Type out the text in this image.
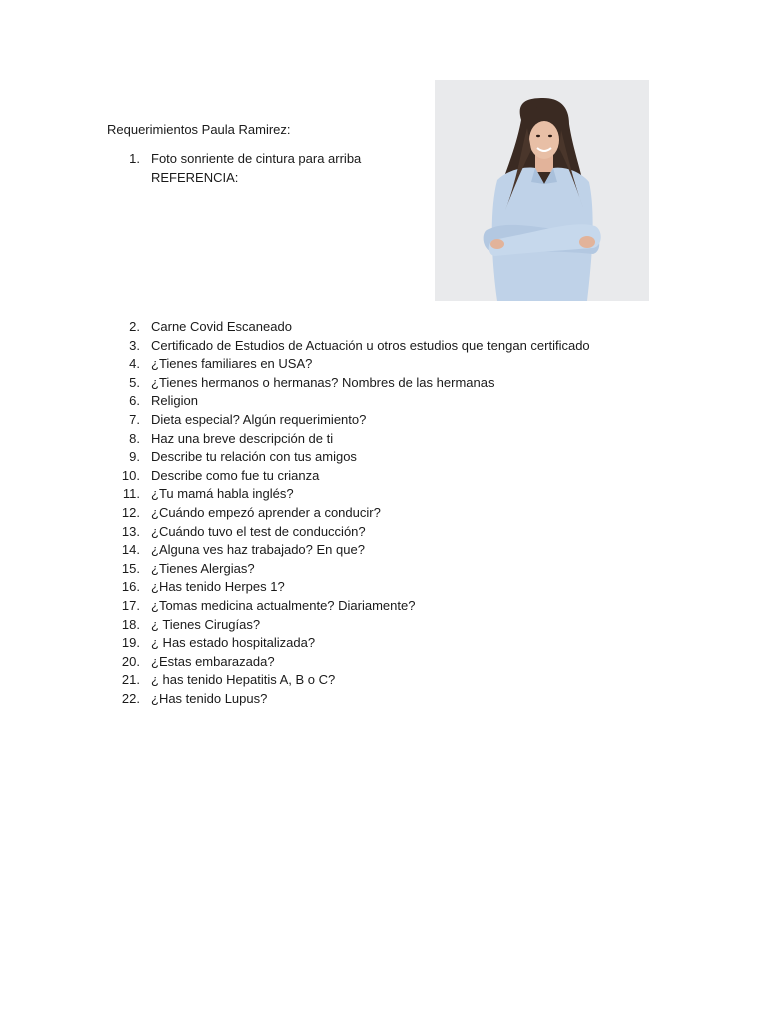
Requerimientos Paula Ramirez:
1. Foto sonriente de cintura para arriba
REFERENCIA:
2. Carne Covid Escaneado
3. Certificado de Estudios de Actuación u otros estudios que tengan certificado
4. ¿Tienes familiares en USA?
5. ¿Tienes hermanos o hermanas? Nombres de las hermanas
6. Religion
7. Dieta especial? Algún requerimiento?
8. Haz una breve descripción de ti
9. Describe tu relación con tus amigos
10. Describe como fue tu crianza
11. ¿Tu mamá habla inglés?
12. ¿Cuándo empezó aprender a conducir?
13. ¿Cuándo tuvo el test de conducción?
14. ¿Alguna ves haz trabajado? En que?
15. ¿Tienes Alergias?
16. ¿Has tenido Herpes 1?
17. ¿Tomas medicina actualmente? Diariamente?
18. ¿ Tienes Cirugías?
19. ¿ Has estado hospitalizada?
20. ¿Estas embarazada?
21. ¿ has tenido Hepatitis A, B o C?
22. ¿Has tenido Lupus?
